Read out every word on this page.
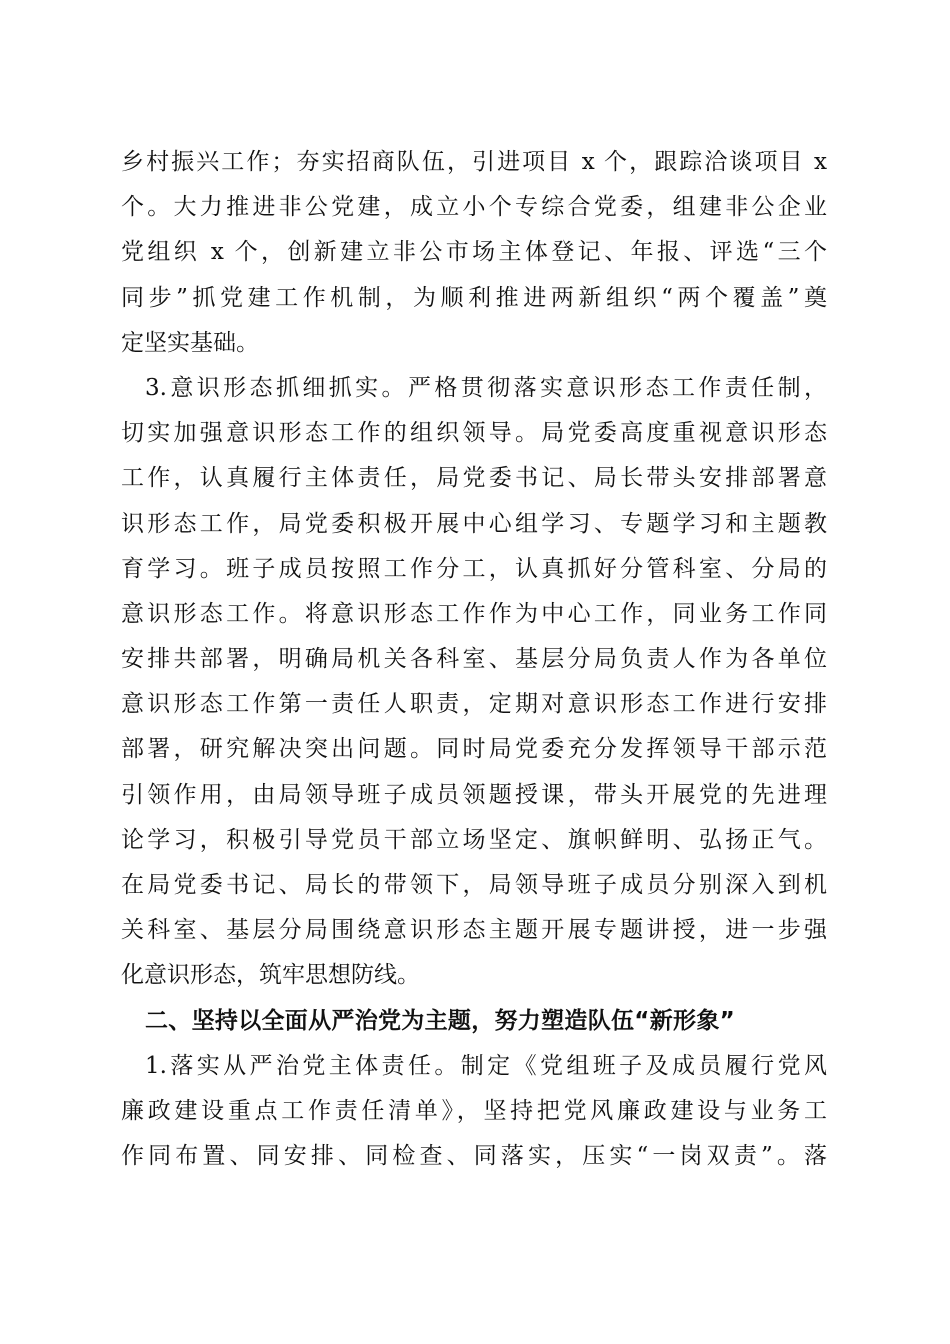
乡村振兴工作；夯实招商队伍，引进项目 x 个，跟踪洽谈项目 x
个。大力推进非公党建，成立小个专综合党委，组建非公企业
党组织 x 个，创新建立非公市场主体登记、年报、评选“三个
同步”抓党建工作机制，为顺利推进两新组织“两个覆盖”奠
定坚实基础。
3.意识形态抓细抓实。严格贯彻落实意识形态工作责任制，
切实加强意识形态工作的组织领导。局党委高度重视意识形态
工作，认真履行主体责任，局党委书记、局长带头安排部署意
识形态工作，局党委积极开展中心组学习、专题学习和主题教
育学习。班子成员按照工作分工，认真抓好分管科室、分局的
意识形态工作。将意识形态工作作为中心工作，同业务工作同
安排共部署，明确局机关各科室、基层分局负责人作为各单位
意识形态工作第一责任人职责，定期对意识形态工作进行安排
部署，研究解决突出问题。同时局党委充分发挥领导干部示范
引领作用，由局领导班子成员领题授课，带头开展党的先进理
论学习，积极引导党员干部立场坚定、旗帜鲜明、弘扬正气。
在局党委书记、局长的带领下，局领导班子成员分别深入到机
关科室、基层分局围绕意识形态主题开展专题讲授，进一步强
化意识形态，筑牢思想防线。
二、坚持以全面从严治党为主题，努力塑造队伍“新形象”
1.落实从严治党主体责任。制定《党组班子及成员履行党风
廉政建设重点工作责任清单》，坚持把党风廉政建设与业务工
作同布置、同安排、同检查、同落实，压实“一岗双责”。落
